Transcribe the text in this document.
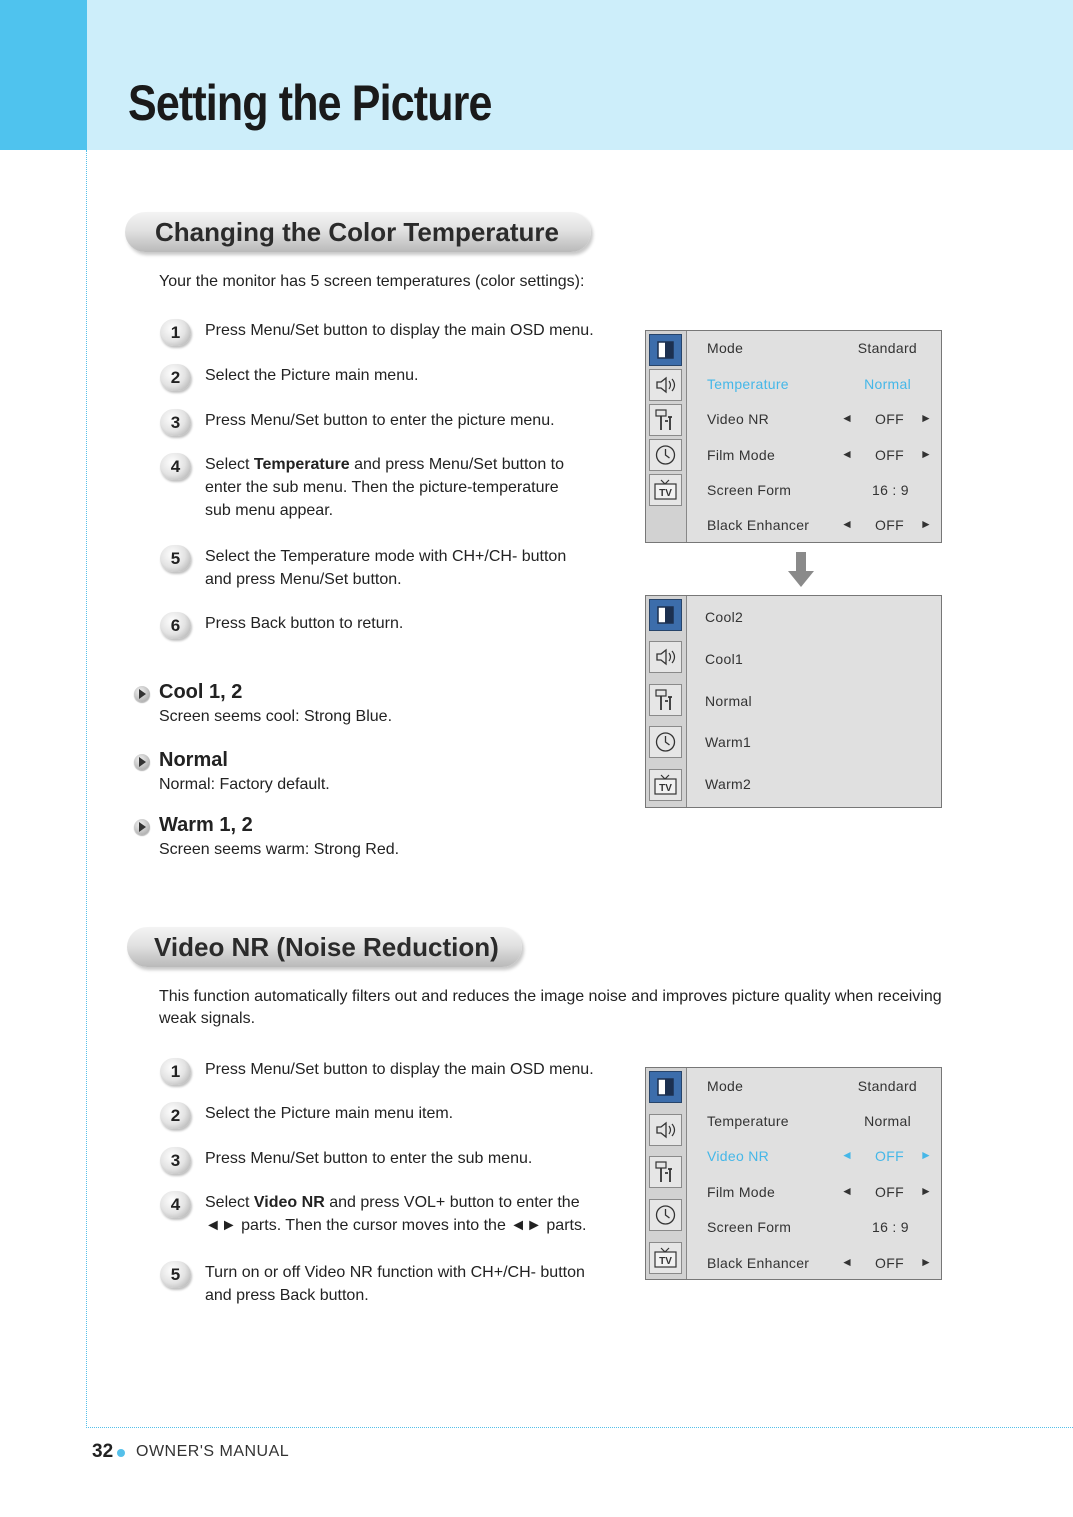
Setting the Picture
Changing the Color Temperature
Your the monitor has 5 screen temperatures (color settings):
1	Press Menu/Set button to display the main OSD menu.
2	Select the Picture main menu.
3	Press Menu/Set button to enter the picture menu.
4	Select Temperature and press Menu/Set button to enter the sub menu. Then the picture-temperature sub menu appear.
5	Select the Temperature mode with CH+/CH- button and press Menu/Set button.
6	Press Back button to return.
Cool 1, 2
Screen seems cool: Strong Blue.
Normal
Normal: Factory default.
Warm 1, 2
Screen seems warm: Strong Red.
TV
Mode	Standard
Temperature	Normal
Video NR	◄ OFF ►
Film Mode	◄ OFF ►
Screen Form	16 : 9
Black Enhancer	◄ OFF ►
TV
Cool2
Cool1
Normal
Warm1
Warm2
Video NR (Noise Reduction)
This function automatically filters out and reduces the image noise and improves picture quality when receiving weak signals.
1	Press Menu/Set button to display the main OSD menu.
2	Select the Picture main menu item.
3	Press Menu/Set button to enter the sub menu.
4	Select Video NR and press VOL+ button to enter the ◄► parts. Then the cursor moves into the ◄► parts.
5	Turn on or off Video NR function with CH+/CH- button and press Back button.
TV
Mode	Standard
Temperature	Normal
Video NR	◄ OFF ►
Film Mode	◄ OFF ►
Screen Form	16 : 9
Black Enhancer	◄ OFF ►
32 OWNER'S MANUAL
